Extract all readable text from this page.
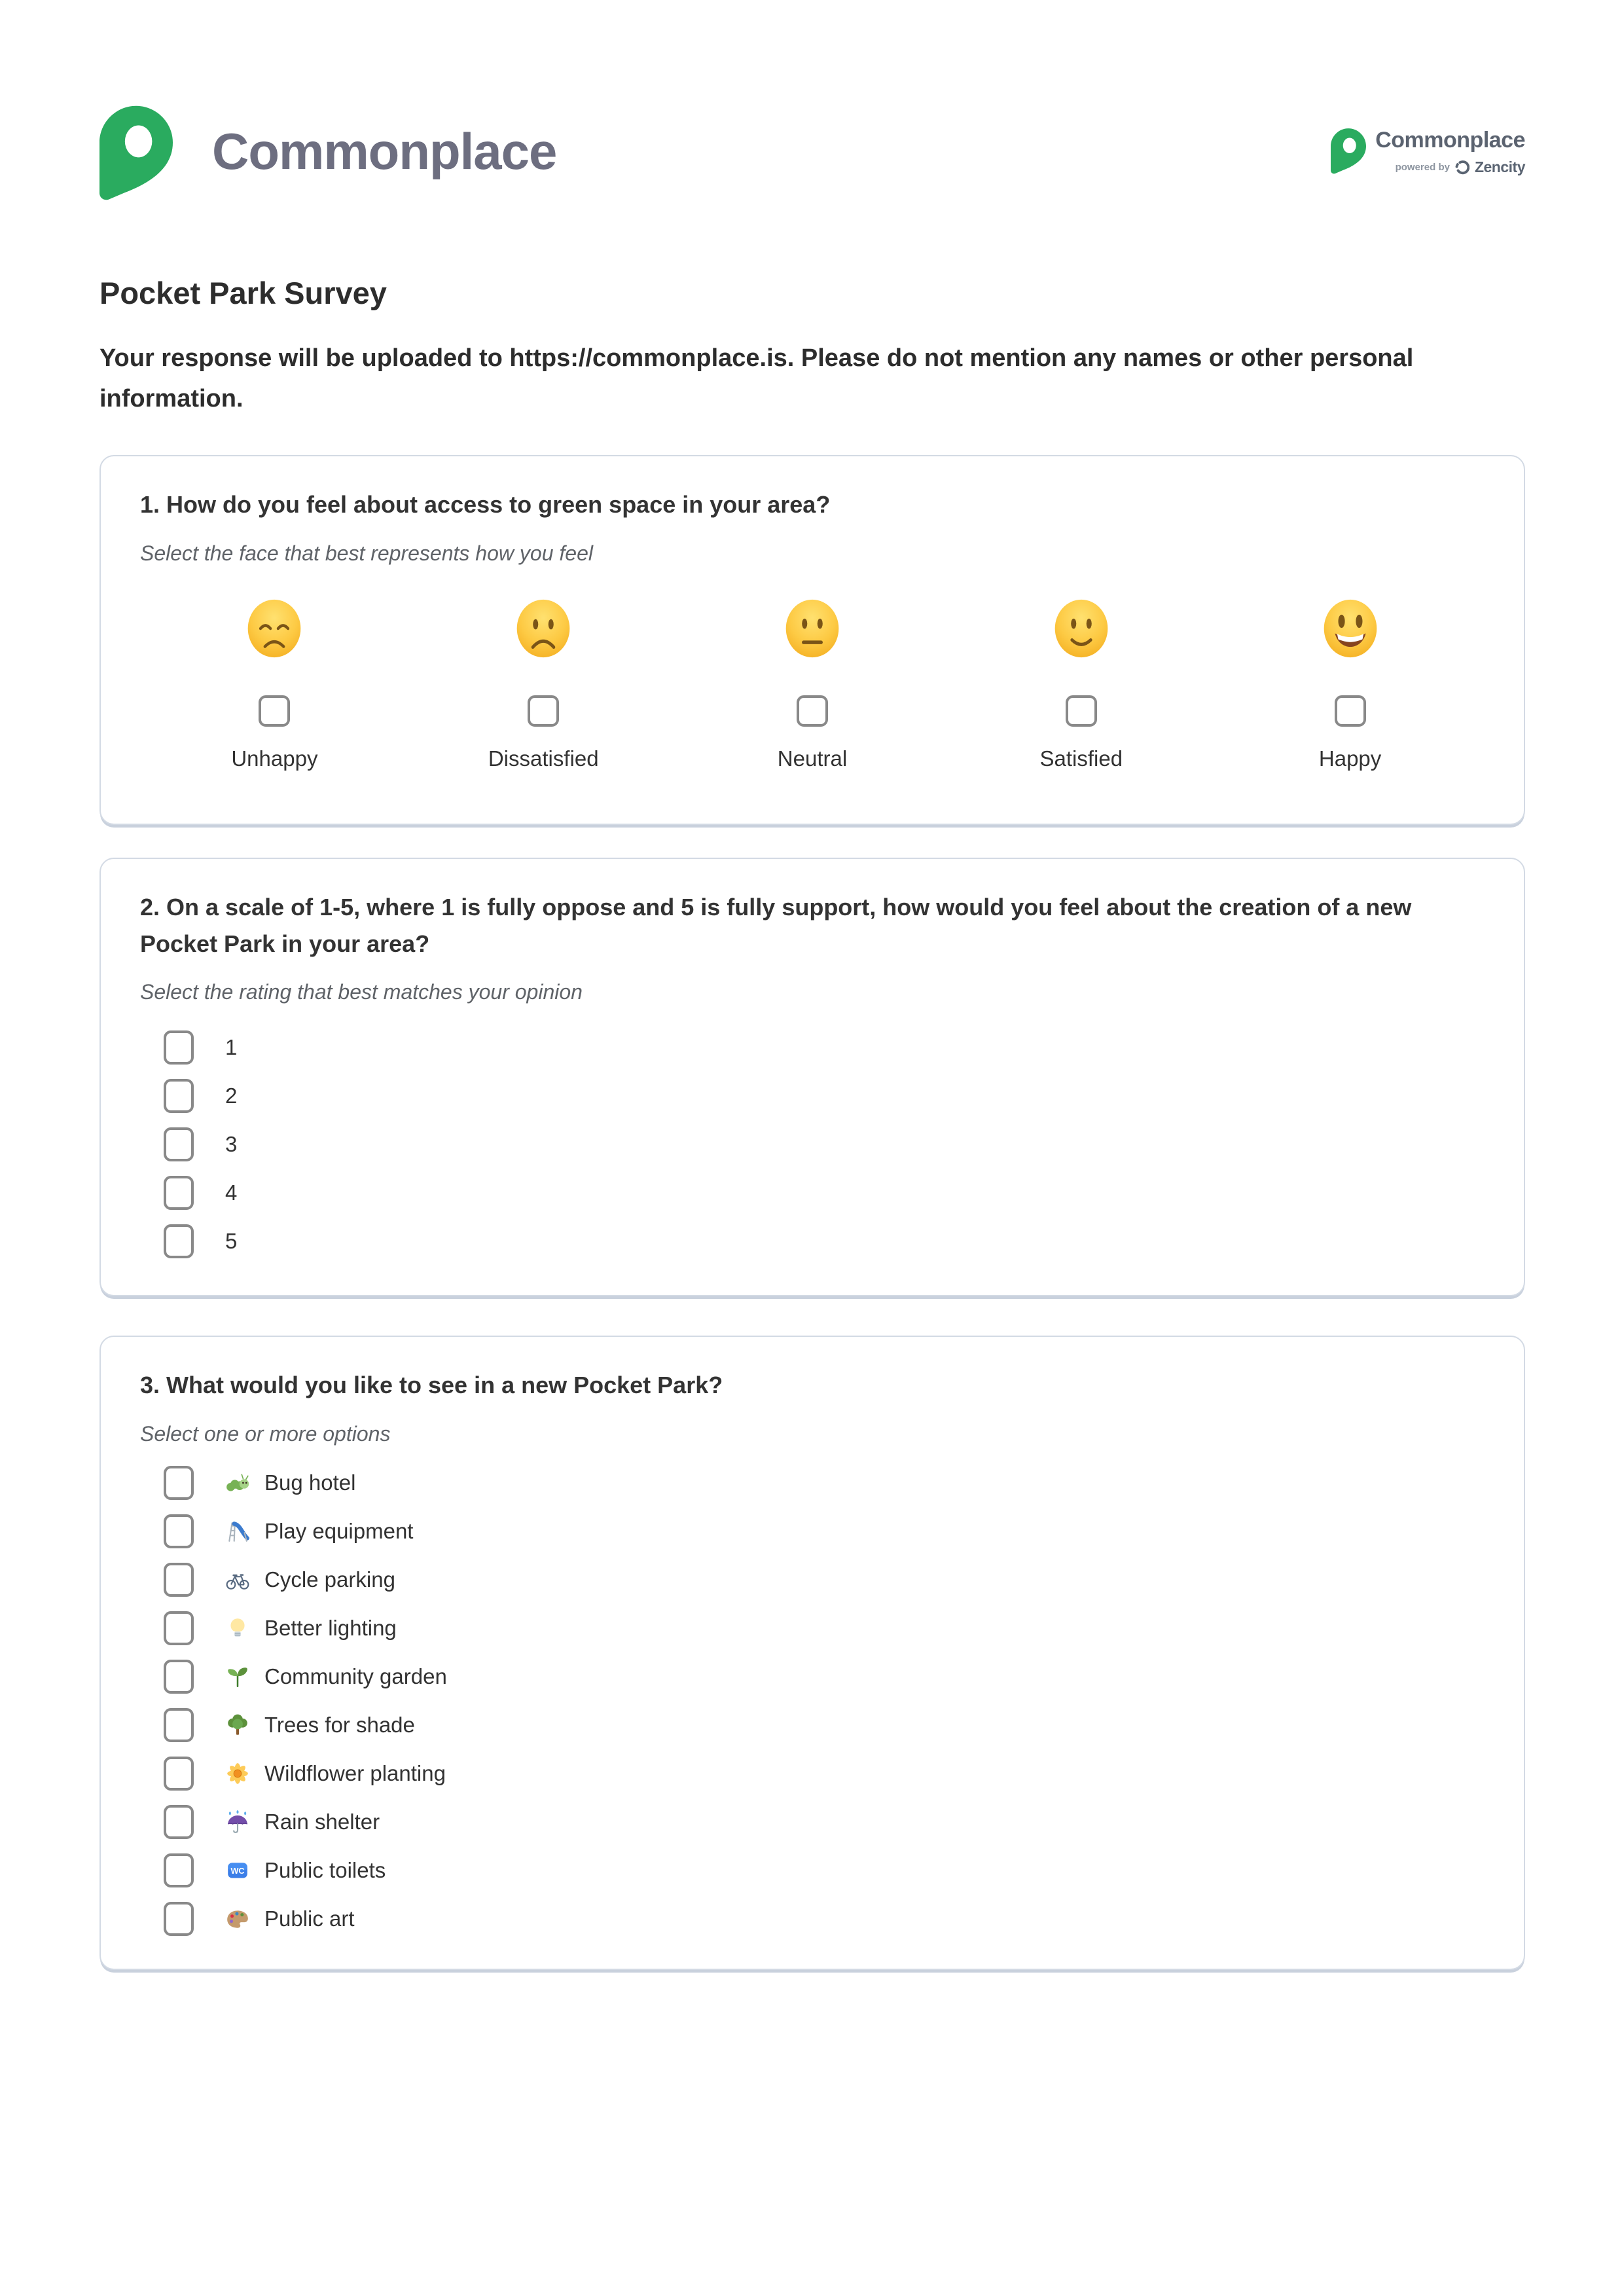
Commonplace	Commonplace
powered by Zencity
Pocket Park Survey

Your response will be uploaded to https://commonplace.is. Please do not mention any names or other personal information.

1. How do you feel about access to green space in your area?
Select the face that best represents how you feel
Unhappy	Dissatisfied	Neutral	Satisfied	Happy
2. On a scale of 1-5, where 1 is fully oppose and 5 is fully support, how would you feel about the creation of a new Pocket Park in your area?
Select the rating that best matches your opinion
1
2
3
4
5
3. What would you like to see in a new Pocket Park?
Select one or more options
Bug hotel
Play equipment
Cycle parking
Better lighting
Community garden
Trees for shade
Wildflower planting
Rain shelter
WC Public toilets
Public art
